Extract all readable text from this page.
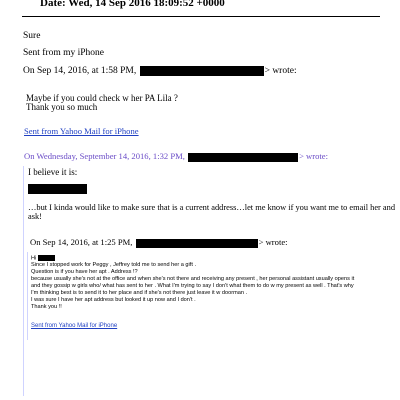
Date: Wed, 14 Sep 2016 18:09:52 +0000
Sure
Sent from my iPhone
On Sep 14, 2016, at 1:58 PM,	> wrote:
Maybe if you could check w her PA Lila ?
Thank you so much
Sent from Yahoo Mail for iPhone
On Wednesday, September 14, 2016, 1:32 PM,	> wrote:
I believe it is:
…but I kinda would like to make sure that is a current address…let me know if you want me to email her and
ask!
On Sep 14, 2016, at 1:25 PM,	> wrote:
Hi
Since I stopped work for Peggy , Jeffrey told me to send her a gift .
Question is if you have her apt . Address !?
because usually she's not at the office and when she's not there and receiving any present , her personal assistant usually opens it
and they gossip w girls who/ what has sent to her . What I'm trying to say I don't what them to do w my present as well . That's why
I'm thinking best is to send it to her place and if she's not there just leave it w doorman .
I was sure I have her apt address but looked it up now and I don't .
Thank you !!
Sent from Yahoo Mail for iPhone
